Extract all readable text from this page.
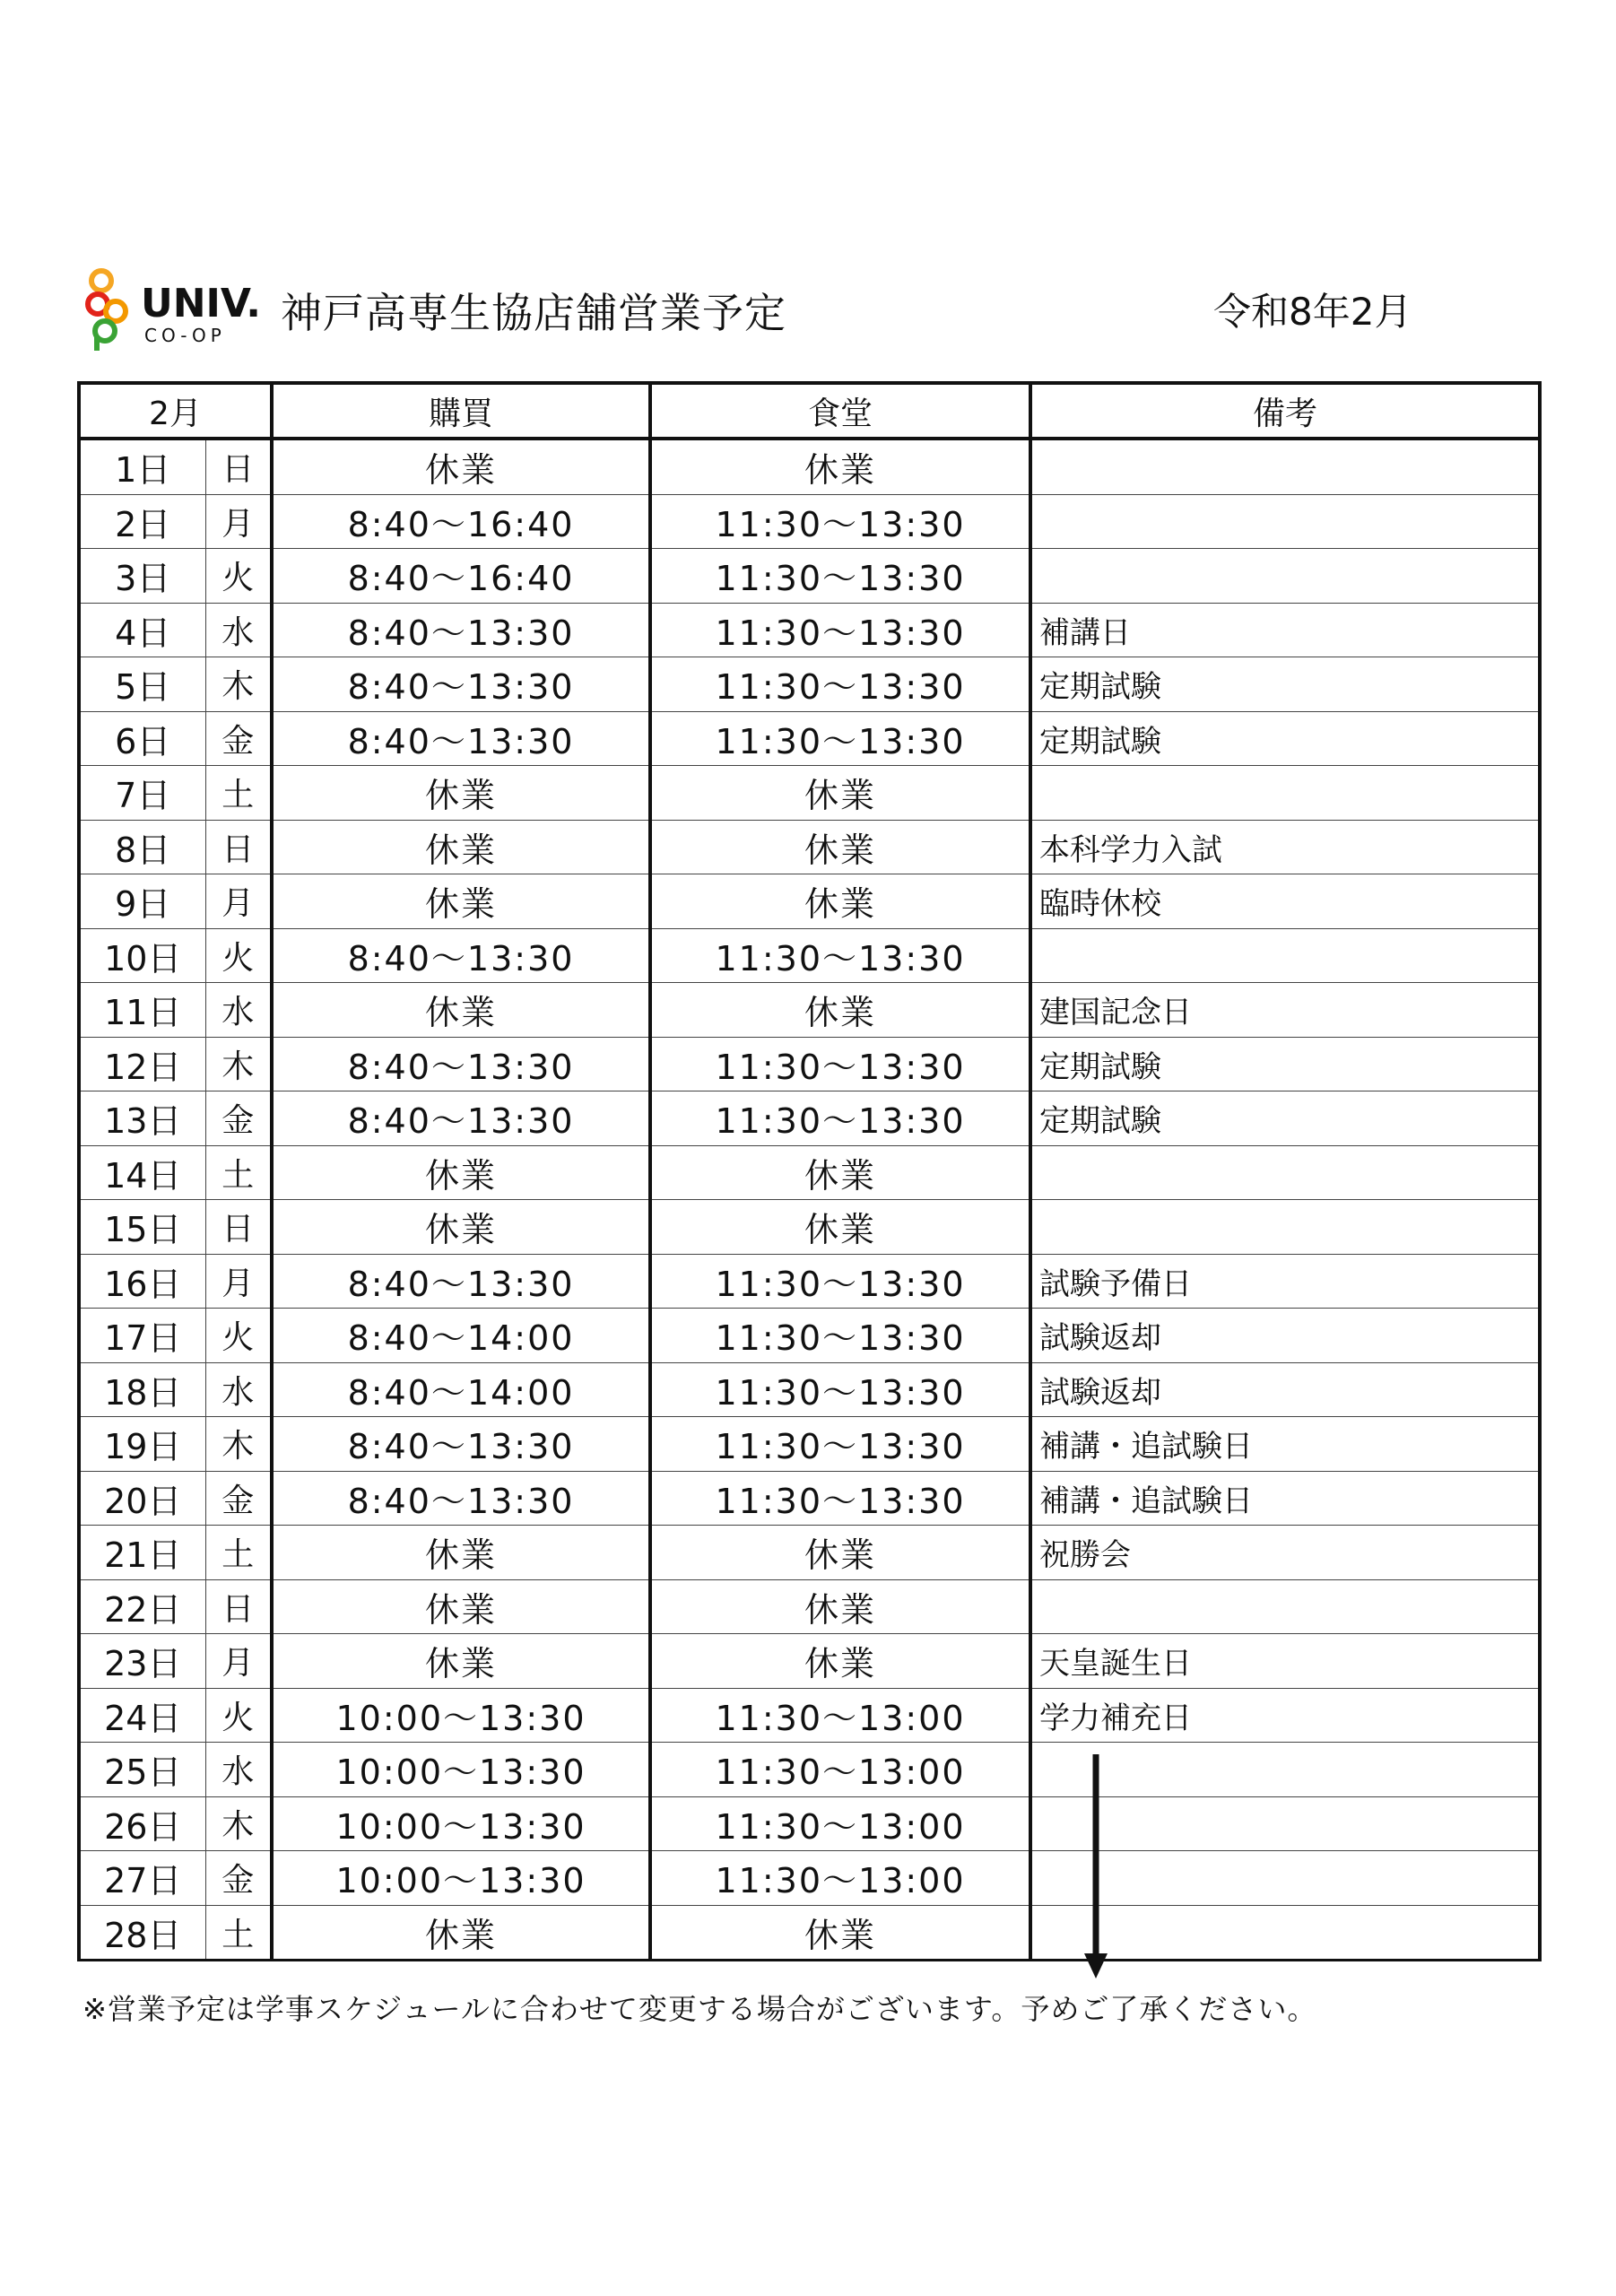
UNIV.
CO-OP 神戸高専生協店舗営業予定	令和8年2月
2月		購買	食堂	備考
1日	日	休業	休業	
2日	月	8:40～16:40	11:30～13:30	
3日	火	8:40～16:40	11:30～13:30	
4日	水	8:40～13:30	11:30～13:30	補講日
5日	木	8:40～13:30	11:30～13:30	定期試験
6日	金	8:40～13:30	11:30～13:30	定期試験
7日	土	休業	休業	
8日	日	休業	休業	本科学力入試
9日	月	休業	休業	臨時休校
10日	火	8:40～13:30	11:30～13:30	
11日	水	休業	休業	建国記念日
12日	木	8:40～13:30	11:30～13:30	定期試験
13日	金	8:40～13:30	11:30～13:30	定期試験
14日	土	休業	休業	
15日	日	休業	休業	
16日	月	8:40～13:30	11:30～13:30	試験予備日
17日	火	8:40～14:00	11:30～13:30	試験返却
18日	水	8:40～14:00	11:30～13:30	試験返却
19日	木	8:40～13:30	11:30～13:30	補講・追試験日
20日	金	8:40～13:30	11:30～13:30	補講・追試験日
21日	土	休業	休業	祝勝会
22日	日	休業	休業	
23日	月	休業	休業	天皇誕生日
24日	火	10:00～13:30	11:30～13:00	学力補充日
25日	水	10:00～13:30	11:30～13:00	
26日	木	10:00～13:30	11:30～13:00	
27日	金	10:00～13:30	11:30～13:00	
28日	土	休業	休業	
※営業予定は学事スケジュールに合わせて変更する場合がございます。予めご了承ください。
